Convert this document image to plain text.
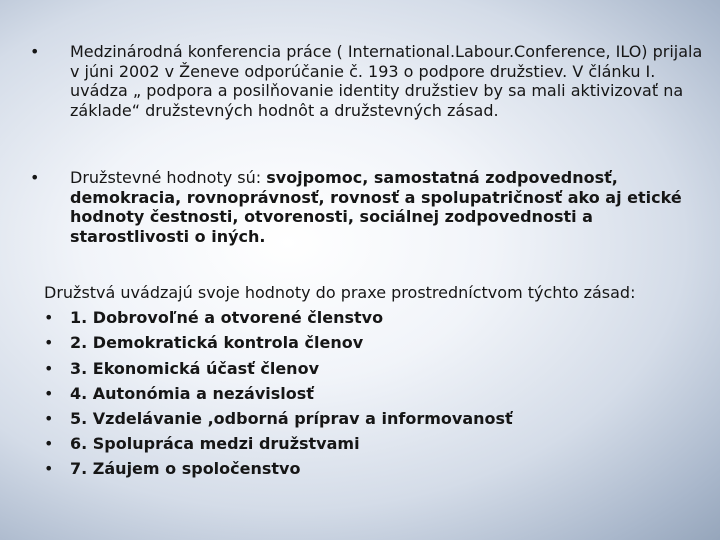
• Medzinárodná konferencia práce ( International.Labour.Conference, ILO) prijala v júni 2002 v Ženeve odporúčanie č. 193 o podpore družstiev. V článku I. uvádza „ podpora a posilňovanie identity družstiev by sa mali aktivizovať na základe“ družstevných hodnôt a družstevných zásad.
• Družstevné hodnoty sú: svojpomoc, samostatná zodpovednosť, demokracia, rovnoprávnosť, rovnosť a spolupatričnosť ako aj etické hodnoty čestnosti, otvorenosti, sociálnej zodpovednosti a starostlivosti o iných.
Družstvá uvádzajú svoje hodnoty do praxe prostredníctvom týchto zásad:
• 1. Dobrovoľné a otvorené členstvo
• 2. Demokratická kontrola členov
• 3. Ekonomická účasť členov
• 4. Autonómia a nezávislosť
• 5. Vzdelávanie ,odborná príprav a informovanosť
• 6. Spolupráca medzi družstvami
• 7. Záujem o spoločenstvo
